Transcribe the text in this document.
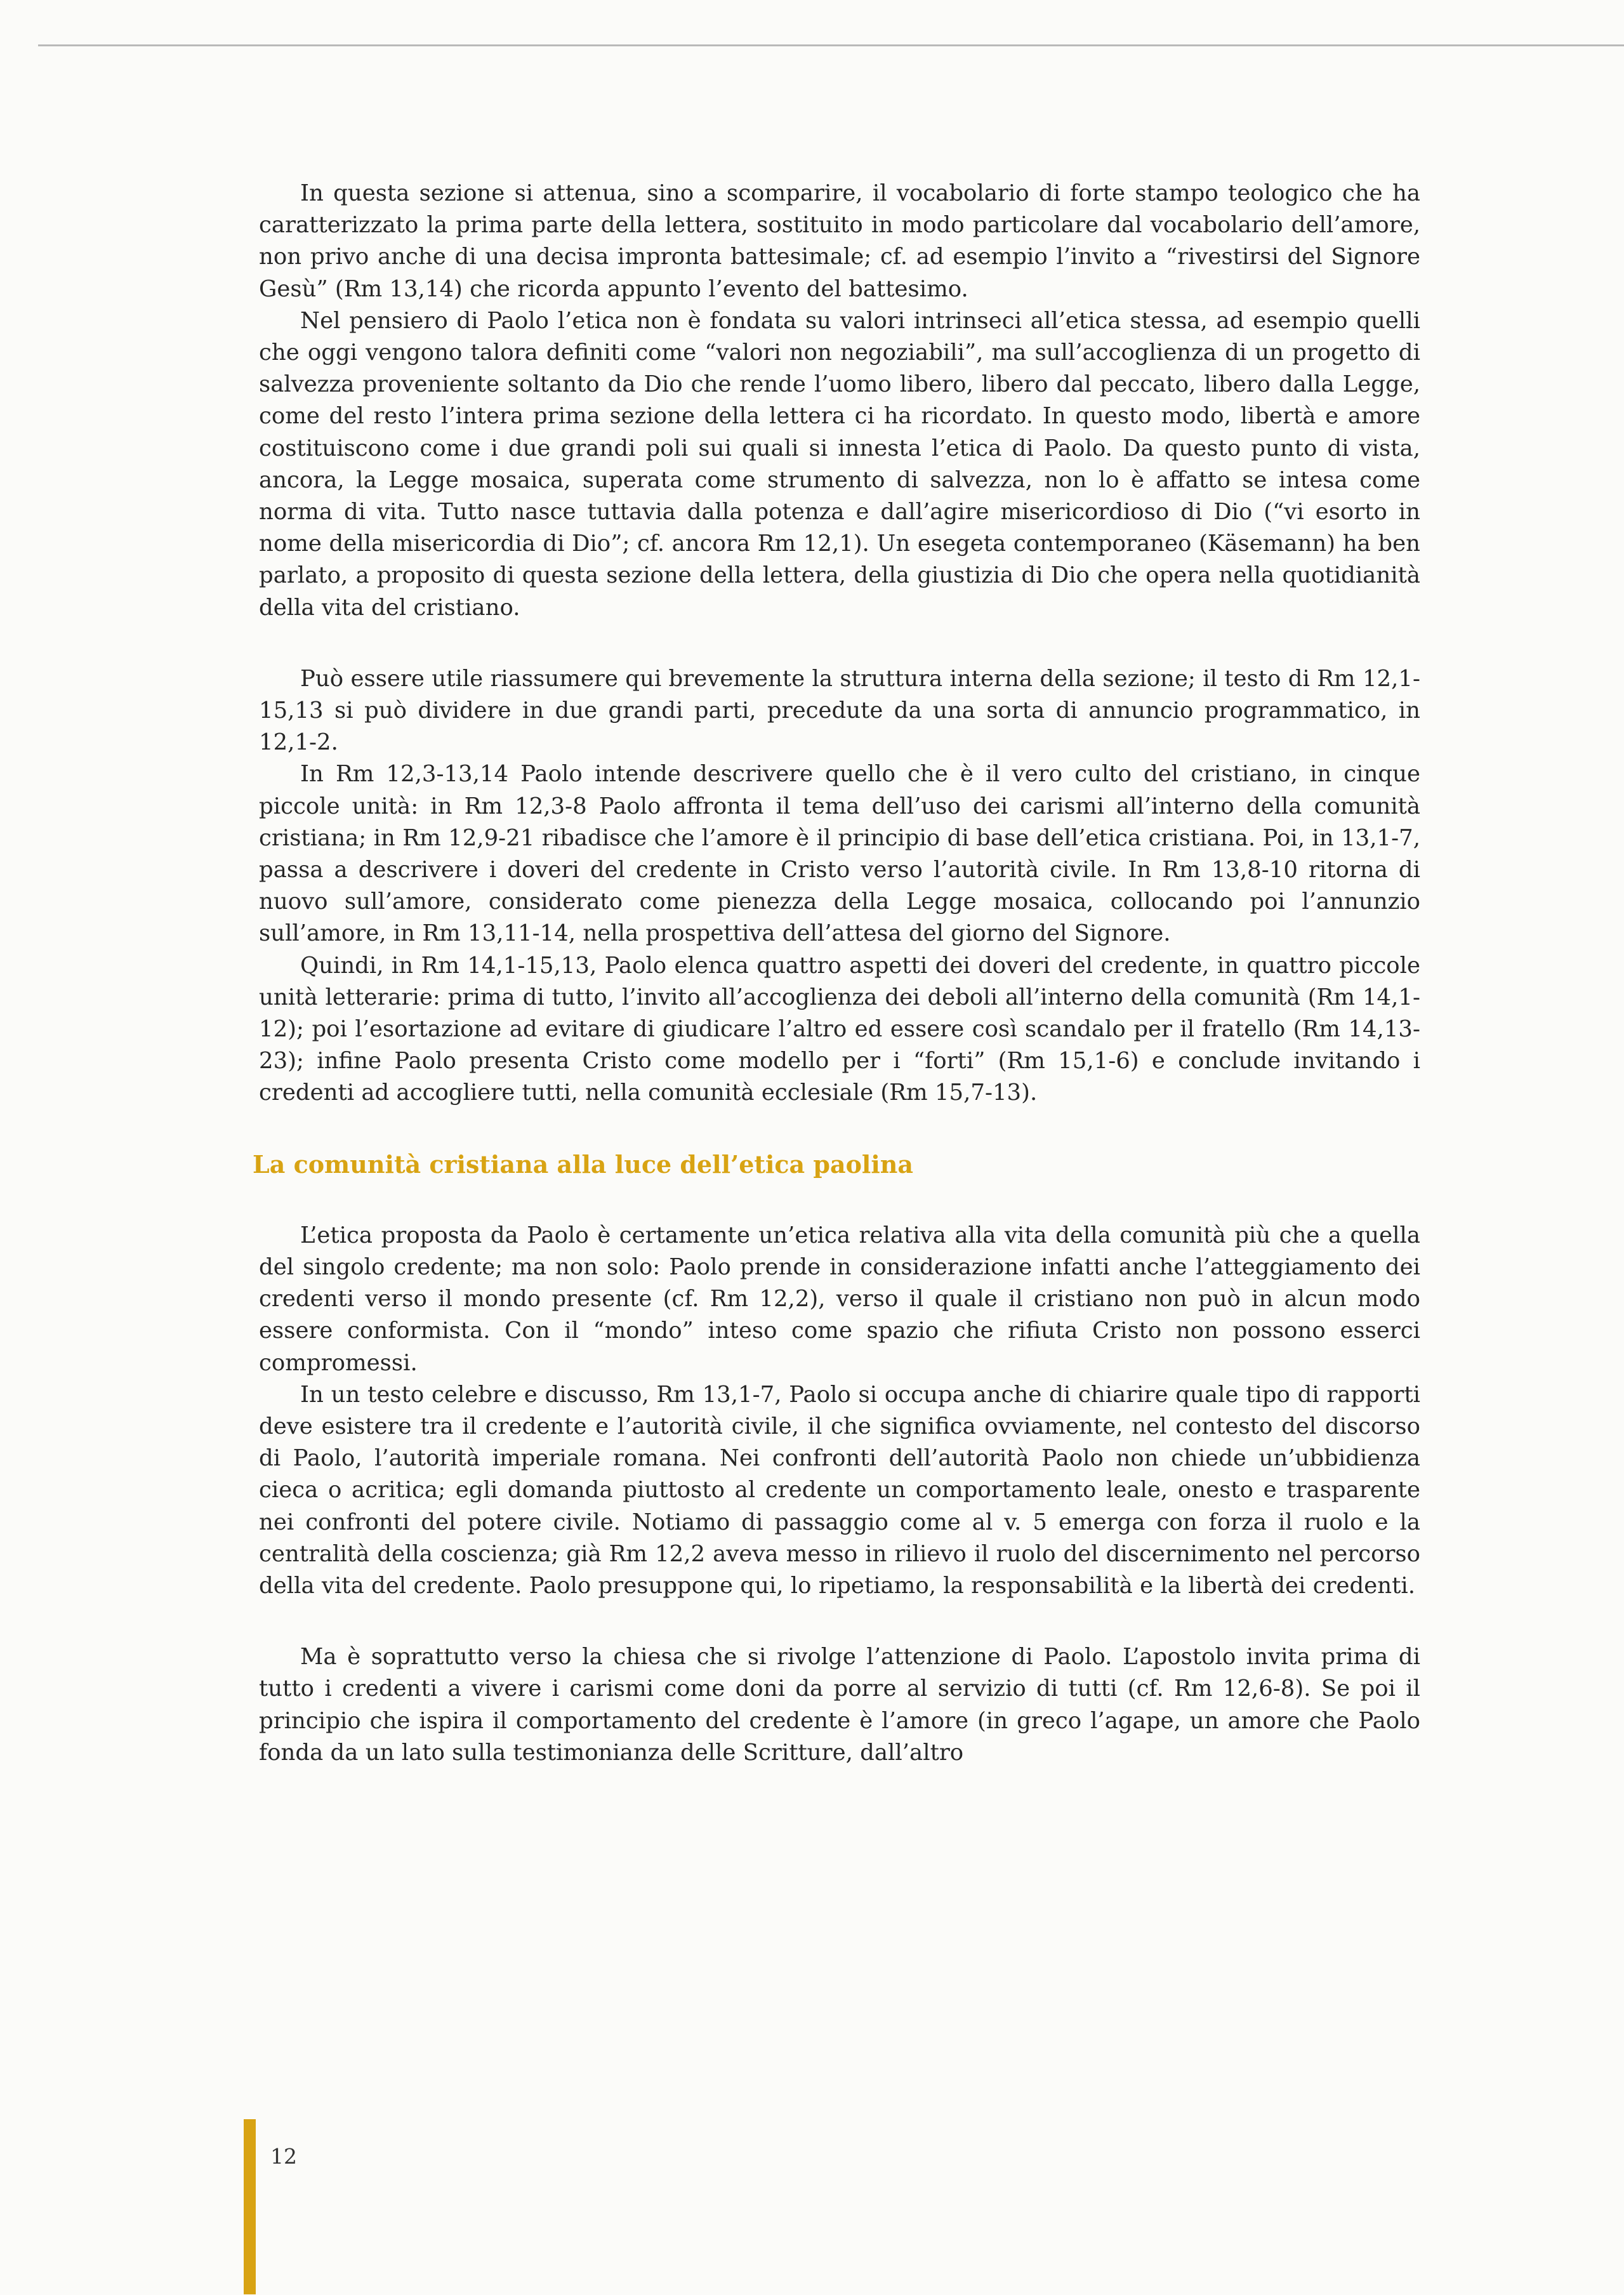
In questa sezione si attenua, sino a scomparire, il vocabolario di forte stampo teologico che ha caratterizzato la prima parte della lettera, sostituito in modo particolare dal vocabolario dell’amore, non privo anche di una decisa impronta battesimale; cf. ad esempio l’invito a “rivestirsi del Signore Gesù” (Rm 13,14) che ricorda appunto l’evento del battesimo.

Nel pensiero di Paolo l’etica non è fondata su valori intrinseci all’etica stessa, ad esempio quelli che oggi vengono talora definiti come “valori non negoziabili”, ma sull’accoglienza di un progetto di salvezza proveniente soltanto da Dio che rende l’uomo libero, libero dal peccato, libero dalla Legge, come del resto l’intera prima sezione della lettera ci ha ricordato. In questo modo, libertà e amore costituiscono come i due grandi poli sui quali si innesta l’etica di Paolo. Da questo punto di vista, ancora, la Legge mosaica, superata come strumento di salvezza, non lo è affatto se intesa come norma di vita. Tutto nasce tuttavia dalla potenza e dall’agire misericordioso di Dio (“vi esorto in nome della misericordia di Dio”; cf. ancora Rm 12,1). Un esegeta contemporaneo (Käsemann) ha ben parlato, a proposito di questa sezione della lettera, della giustizia di Dio che opera nella quotidianità della vita del cristiano.

Può essere utile riassumere qui brevemente la struttura interna della sezione; il testo di Rm 12,1-15,13 si può dividere in due grandi parti, precedute da una sorta di annuncio programmatico, in 12,1-2.

In Rm 12,3-13,14 Paolo intende descrivere quello che è il vero culto del cristiano, in cinque piccole unità: in Rm 12,3-8 Paolo affronta il tema dell’uso dei carismi all’interno della comunità cristiana; in Rm 12,9-21 ribadisce che l’amore è il principio di base dell’etica cristiana. Poi, in 13,1-7, passa a descrivere i doveri del credente in Cristo verso l’autorità civile. In Rm 13,8-10 ritorna di nuovo sull’amore, considerato come pienezza della Legge mosaica, collocando poi l’annunzio sull’amore, in Rm 13,11-14, nella prospettiva dell’attesa del giorno del Signore.

Quindi, in Rm 14,1-15,13, Paolo elenca quattro aspetti dei doveri del credente, in quattro piccole unità letterarie: prima di tutto, l’invito all’accoglienza dei deboli all’interno della comunità (Rm 14,1-12); poi l’esortazione ad evitare di giudicare l’altro ed essere così scandalo per il fratello (Rm 14,13-23); infine Paolo presenta Cristo come modello per i “forti” (Rm 15,1-6) e conclude invitando i credenti ad accogliere tutti, nella comunità ecclesiale (Rm 15,7-13).

La comunità cristiana alla luce dell’etica paolina

L’etica proposta da Paolo è certamente un’etica relativa alla vita della comunità più che a quella del singolo credente; ma non solo: Paolo prende in considerazione infatti anche l’atteggiamento dei credenti verso il mondo presente (cf. Rm 12,2), verso il quale il cristiano non può in alcun modo essere conformista. Con il “mondo” inteso come spazio che rifiuta Cristo non possono esserci compromessi.

In un testo celebre e discusso, Rm 13,1-7, Paolo si occupa anche di chiarire quale tipo di rapporti deve esistere tra il credente e l’autorità civile, il che significa ovviamente, nel contesto del discorso di Paolo, l’autorità imperiale romana. Nei confronti dell’autorità Paolo non chiede un’ubbidienza cieca o acritica; egli domanda piuttosto al credente un comportamento leale, onesto e trasparente nei confronti del potere civile. Notiamo di passaggio come al v. 5 emerga con forza il ruolo e la centralità della coscienza; già Rm 12,2 aveva messo in rilievo il ruolo del discernimento nel percorso della vita del credente. Paolo presuppone qui, lo ripetiamo, la responsabilità e la libertà dei credenti.

Ma è soprattutto verso la chiesa che si rivolge l’attenzione di Paolo. L’apostolo invita prima di tutto i credenti a vivere i carismi come doni da porre al servizio di tutti (cf. Rm 12,6-8). Se poi il principio che ispira il comportamento del credente è l’amore (in greco l’agape, un amore che Paolo fonda da un lato sulla testimonianza delle Scritture, dall’altro

12
